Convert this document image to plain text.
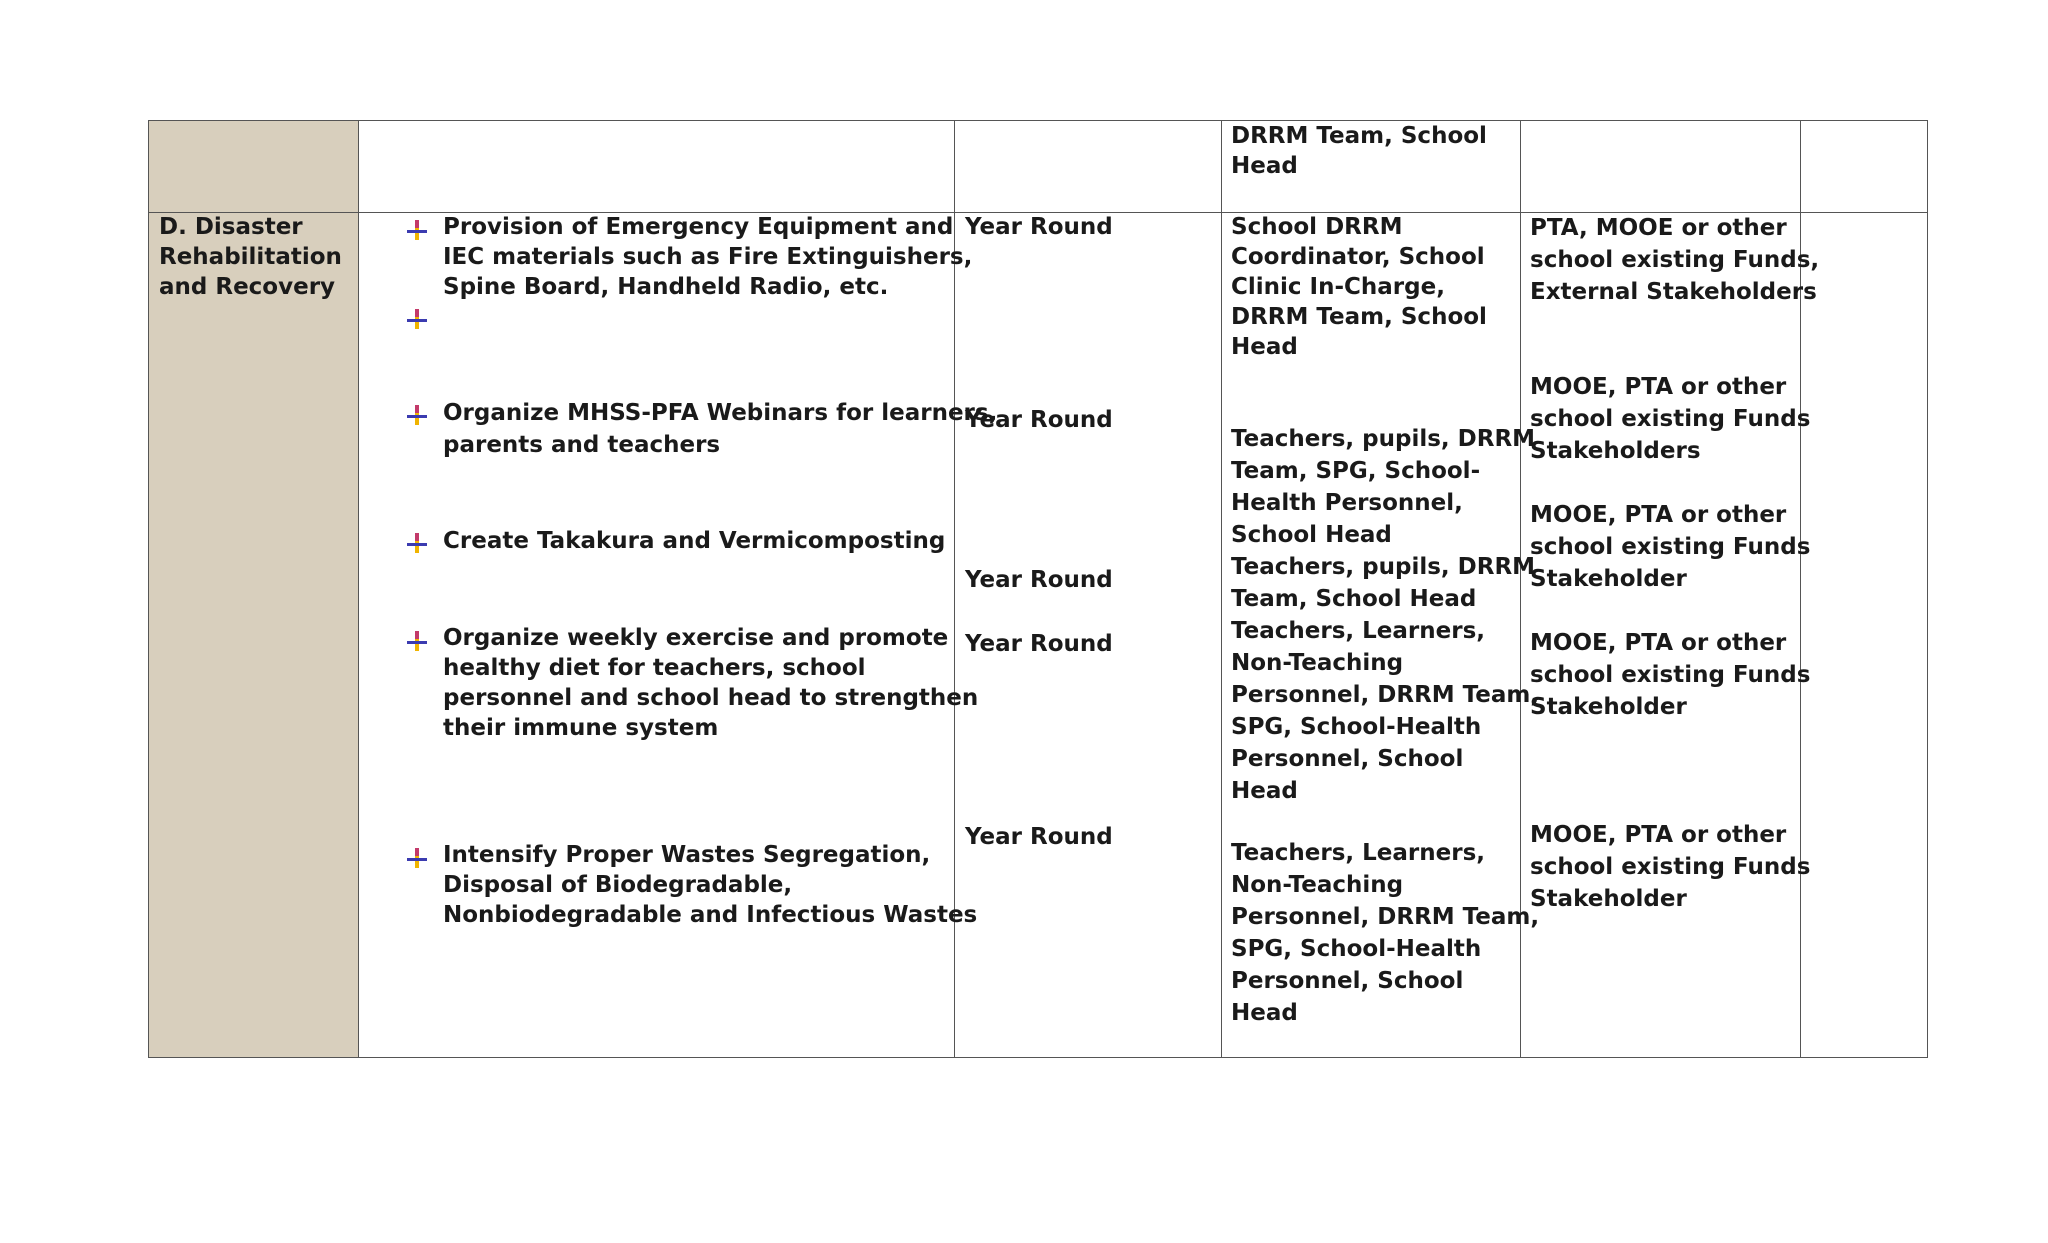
DRRM Team, School
Head
D. Disaster
Rehabilitation
and Recovery
Provision of Emergency Equipment and
IEC materials such as Fire Extinguishers,
Spine Board, Handheld Radio, etc.
Organize MHSS-PFA Webinars for learners,
parents and teachers
Create Takakura and Vermicomposting
Organize weekly exercise and promote
healthy diet for teachers, school
personnel and school head to strengthen
their immune system
Intensify Proper Wastes Segregation,
Disposal of Biodegradable,
Nonbiodegradable and Infectious Wastes
Year Round
Year Round
Year Round
Year Round
Year Round
School DRRM
Coordinator, School
Clinic In-Charge,
DRRM Team, School
Head
Teachers, pupils, DRRM
Team, SPG, School-
Health Personnel,
School Head
Teachers, pupils, DRRM
Team, School Head
Teachers, Learners,
Non-Teaching
Personnel, DRRM Team,
SPG, School-Health
Personnel, School
Head
Teachers, Learners,
Non-Teaching
Personnel, DRRM Team,
SPG, School-Health
Personnel, School
Head
PTA, MOOE or other
school existing Funds,
External Stakeholders
MOOE, PTA or other
school existing Funds
Stakeholders
MOOE, PTA or other
school existing Funds
Stakeholder
MOOE, PTA or other
school existing Funds
Stakeholder
MOOE, PTA or other
school existing Funds
Stakeholder
